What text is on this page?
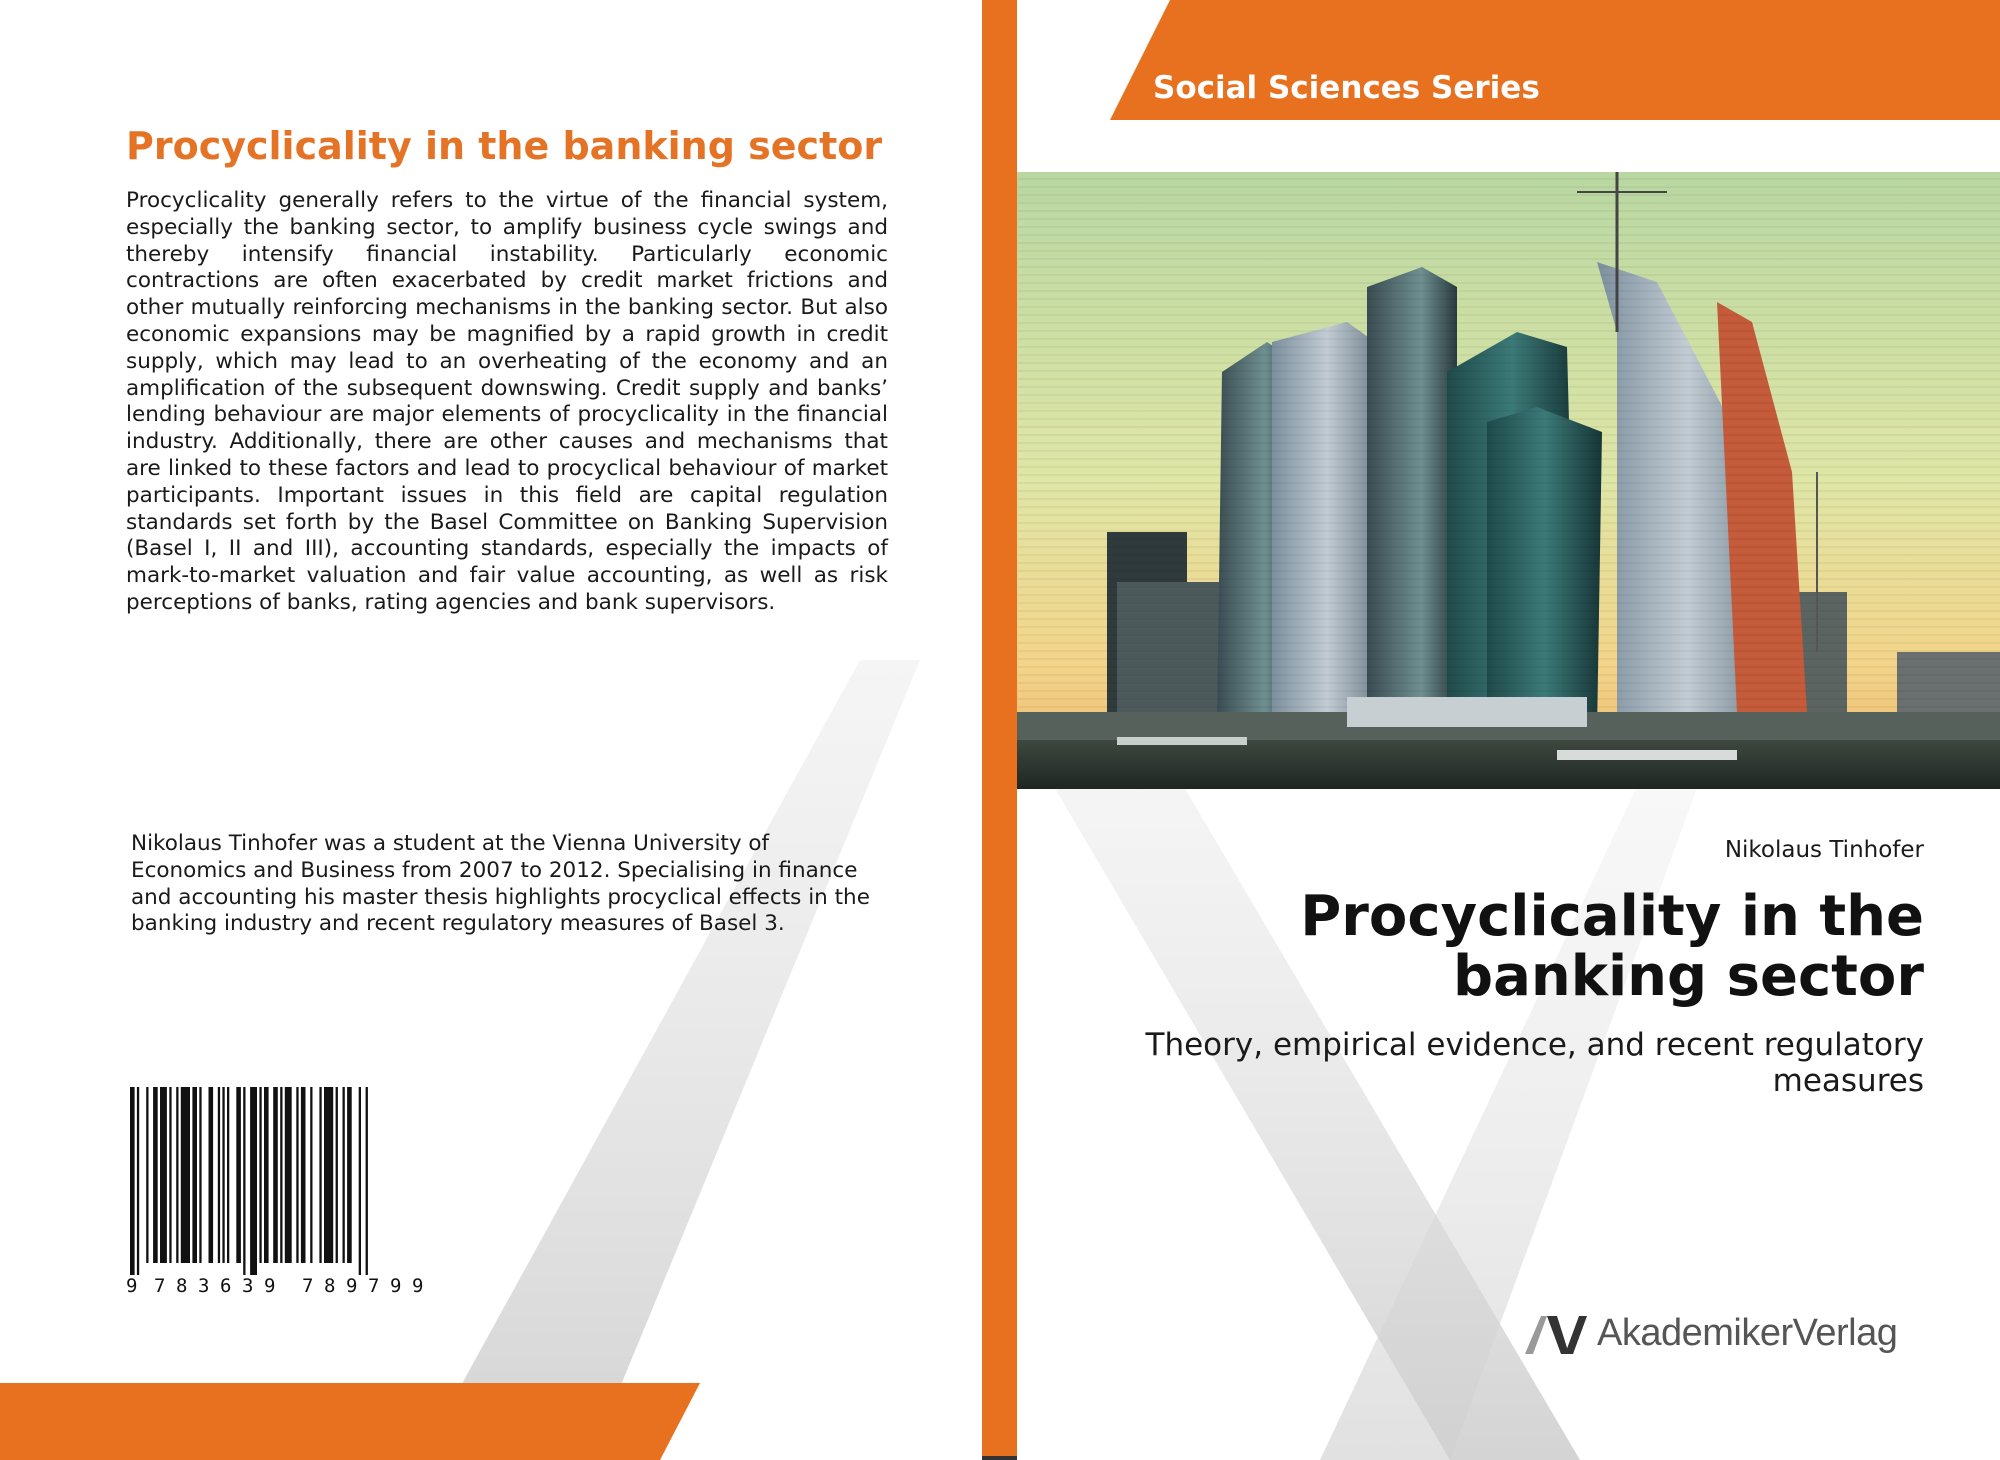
Procyclicality in the banking sector

Procyclicality generally refers to the virtue of the financial system, especially the banking sector, to amplify business cycle swings and thereby intensify financial instability. Particularly economic contractions are often exacerbated by credit market frictions and other mutually reinforcing mechanisms in the banking sector. But also economic expansions may be magnified by a rapid growth in credit supply, which may lead to an overheating of the economy and an amplification of the subsequent downswing. Credit supply and banks’ lending behaviour are major elements of procyclicality in the financial industry. Additionally, there are other causes and mechanisms that are linked to these factors and lead to procyclical behaviour of market participants. Important issues in this field are capital regulation standards set forth by the Basel Committee on Banking Supervision (Basel I, II and III), accounting standards, especially the impacts of mark-to-market valuation and fair value accounting, as well as risk perceptions of banks, rating agencies and bank supervisors.

Nikolaus Tinhofer was a student at the Vienna University of Economics and Business from 2007 to 2012. Specialising in finance and accounting his master thesis highlights procyclical effects in the banking industry and recent regulatory measures of Basel 3.

9 7 8 3 6 3 9 7 8 9 7 9 9
Social Sciences Series
Nikolaus Tinhofer
Procyclicality in the banking sector

Theory, empirical evidence, and recent regulatory measures

AkademikerVerlag
